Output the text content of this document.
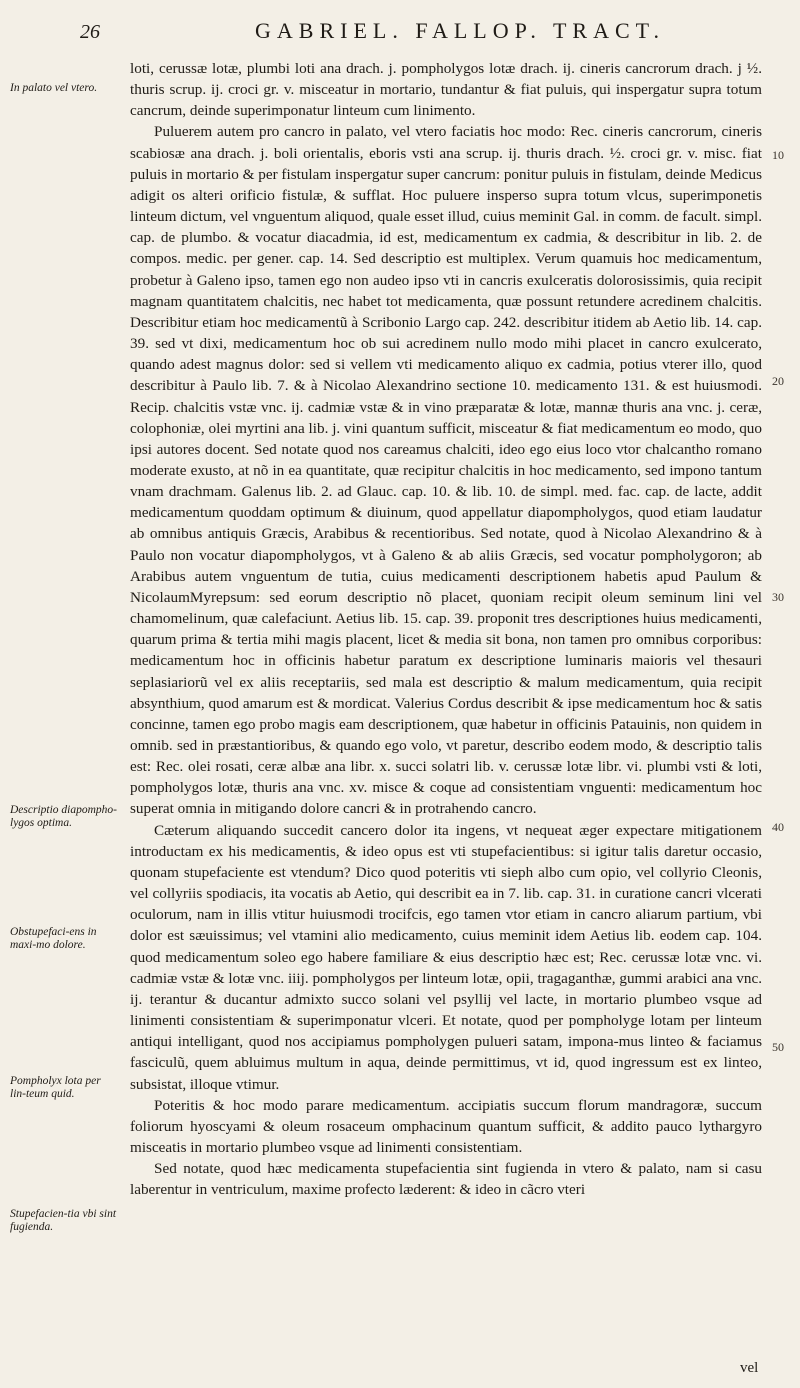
26	GABRIEL. FALLOP. TRACT.
In palato vel vtero.
Descriptio diapompho-lygos optima.
Obstupefaci-ens in maxi-mo dolore.
Pompholyx lota per lin-teum quid.
Stupefacien-tia vbi sint fugienda.
10
20
30
40
50

loti, cerussæ lotæ, plumbi loti ana drach. j. pompholygos lotæ drach. ij. cineris cancrorum drach. j ½. thuris scrup. ij. croci gr. v. misceatur in mortario, tundantur & fiat puluis, qui inspergatur supra totum cancrum, deinde superimponatur linteum cum linimento.

Puluerem autem pro cancro in palato, vel vtero faciatis hoc modo: Rec. cineris cancrorum, cineris scabiosæ ana drach. j. boli orientalis, eboris vsti ana scrup. ij. thuris drach. ½. croci gr. v. misc. fiat puluis in mortario & per fistulam inspergatur super cancrum: ponitur puluis in fistulam, deinde Medicus adigit os alteri orificio fistulæ, & sufflat. Hoc puluere insperso supra totum vlcus, superimponetis linteum dictum, vel vnguentum aliquod, quale esset illud, cuius meminit Gal. in comm. de facult. simpl. cap. de plumbo. & vocatur diacadmia, id est, medicamentum ex cadmia, & describitur in lib. 2. de compos. medic. per gener. cap. 14. Sed descriptio est multiplex. Verum quamuis hoc medicamentum, probetur à Galeno ipso, tamen ego non audeo ipso vti in cancris exulceratis dolorosissimis, quia recipit magnam quantitatem chalcitis, nec habet tot medicamenta, quæ possunt retundere acredinem chalcitis. Describitur etiam hoc medicamentũ à Scribonio Largo cap. 242. describitur itidem ab Aetio lib. 14. cap. 39. sed vt dixi, medicamentum hoc ob sui acredinem nullo modo mihi placet in cancro exulcerato, quando adest magnus dolor: sed si vellem vti medicamento aliquo ex cadmia, potius vterer illo, quod describitur à Paulo lib. 7. & à Nicolao Alexandrino sectione 10. medicamento 131. & est huiusmodi. Recip. chalcitis vstæ vnc. ij. cadmiæ vstæ & in vino præparatæ & lotæ, mannæ thuris ana vnc. j. ceræ, colophoniæ, olei myrtini ana lib. j. vini quantum sufficit, misceatur & fiat medicamentum eo modo, quo ipsi autores docent. Sed notate quod nos careamus chalciti, ideo ego eius loco vtor chalcantho romano moderate exusto, at nõ in ea quantitate, quæ recipitur chalcitis in hoc medicamento, sed impono tantum vnam drachmam. Galenus lib. 2. ad Glauc. cap. 10. & lib. 10. de simpl. med. fac. cap. de lacte, addit medicamentum quoddam optimum & diuinum, quod appellatur diapompholygos, quod etiam laudatur ab omnibus antiquis Græcis, Arabibus & recentioribus. Sed notate, quod à Nicolao Alexandrino & à Paulo non vocatur diapompholygos, vt à Galeno & ab aliis Græcis, sed vocatur pompholygoron; ab Arabibus autem vnguentum de tutia, cuius medicamenti descriptionem habetis apud Paulum & NicolaumMyrepsum: sed eorum descriptio nõ placet, quoniam recipit oleum seminum lini vel chamomelinum, quæ calefaciunt. Aetius lib. 15. cap. 39. proponit tres descriptiones huius medicamenti, quarum prima & tertia mihi magis placent, licet & media sit bona, non tamen pro omnibus corporibus: medicamentum hoc in officinis habetur paratum ex descriptione luminaris maioris vel thesauri seplasiariorũ vel ex aliis receptariis, sed mala est descriptio & malum medicamentum, quia recipit absynthium, quod amarum est & mordicat. Valerius Cordus describit & ipse medicamentum hoc & satis concinne, tamen ego probo magis eam descriptionem, quæ habetur in officinis Patauinis, non quidem in omnib. sed in præstantioribus, & quando ego volo, vt paretur, describo eodem modo, & descriptio talis est: Rec. olei rosati, ceræ albæ ana libr. x. succi solatri lib. v. cerussæ lotæ libr. vi. plumbi vsti & loti, pompholygos lotæ, thuris ana vnc. xv. misce & coque ad consistentiam vnguenti: medicamentum hoc superat omnia in mitigando dolore cancri & in protrahendo cancro.

Cæterum aliquando succedit cancero dolor ita ingens, vt nequeat æger expectare mitigationem introductam ex his medicamentis, & ideo opus est vti stupefacientibus: si igitur talis daretur occasio, quonam stupefaciente est vtendum? Dico quod poteritis vti sieph albo cum opio, vel collyrio Cleonis, vel collyriis spodiacis, ita vocatis ab Aetio, qui describit ea in 7. lib. cap. 31. in curatione cancri vlcerati oculorum, nam in illis vtitur huiusmodi trocifcis, ego tamen vtor etiam in cancro aliarum partium, vbi dolor est sæuissimus; vel vtamini alio medicamento, cuius meminit idem Aetius lib. eodem cap. 104. quod medicamentum soleo ego habere familiare & eius descriptio hæc est; Rec. cerussæ lotæ vnc. vi. cadmiæ vstæ & lotæ vnc. iiij. pompholygos per linteum lotæ, opii, tragaganthæ, gummi arabici ana vnc. ij. terantur & ducantur admixto succo solani vel psyllij vel lacte, in mortario plumbeo vsque ad linimenti consistentiam & superimponatur vlceri. Et notate, quod per pompholyge lotam per linteum antiqui intelligant, quod nos accipiamus pompholygen pulueri satam, impona-mus linteo & faciamus fasciculũ, quem abluimus multum in aqua, deinde permittimus, vt id, quod ingressum est ex linteo, subsistat, illoque vtimur.

Poteritis & hoc modo parare medicamentum. accipiatis succum florum mandragoræ, succum foliorum hyoscyami & oleum rosaceum omphacinum quantum sufficit, & addito pauco lythargyro misceatis in mortario plumbeo vsque ad linimenti consistentiam.

Sed notate, quod hæc medicamenta stupefacientia sint fugienda in vtero & palato, nam si casu laberentur in ventriculum, maxime profecto læderent: & ideo in cãcro vteri

vel
